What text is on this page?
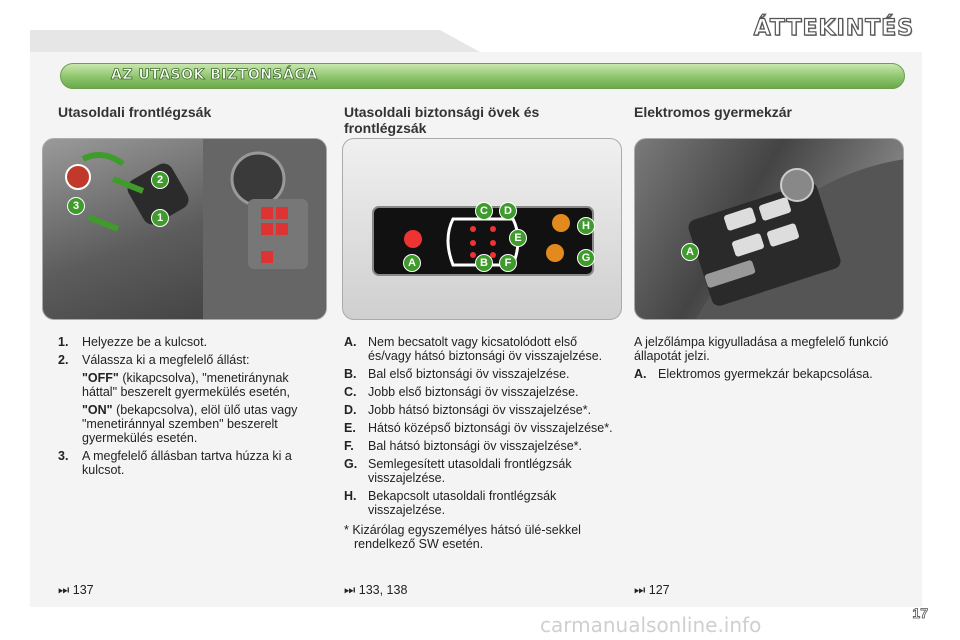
ÁTTEKINTÉS
AZ UTASOK BIZTONSÁGA
Utasoldali frontlégzsák	Utasoldali biztonsági övek és frontlégzsák
Elektromos gyermekzár
2
1
3
A	B
C	D
E
F	G
H
A
1. Helyezze be a kulcsot.
2. Válassza ki a megfelelő állást:
"OFF" (kikapcsolva), "menetiránynak háttal" beszerelt gyermekülés esetén,
"ON" (bekapcsolva), elöl ülő utas vagy "menetiránnyal szemben" beszerelt gyermekülés esetén.
3. A megfelelő állásban tartva húzza ki a kulcsot.
A. Nem becsatolt vagy kicsatolódott első és/vagy hátsó biztonsági öv visszajelzése.
B. Bal első biztonsági öv visszajelzése.
C. Jobb első biztonsági öv visszajelzése.
D. Jobb hátsó biztonsági öv visszajelzése*.
E. Hátsó középső biztonsági öv visszajelzése*.
F. Bal hátsó biztonsági öv visszajelzése*.
G. Semlegesített utasoldali frontlégzsák visszajelzése.
H. Bekapcsolt utasoldali frontlégzsák visszajelzése.
* Kizárólag egyszemélyes hátsó ülé-sekkel rendelkező SW esetén.
A jelzőlámpa kigyulladása a megfelelő funkció állapotát jelzi.
A. Elektromos gyermekzár bekapcsolása.
⏭ 137	⏭ 133, 138	⏭ 127
17
carmanualsonline.info
